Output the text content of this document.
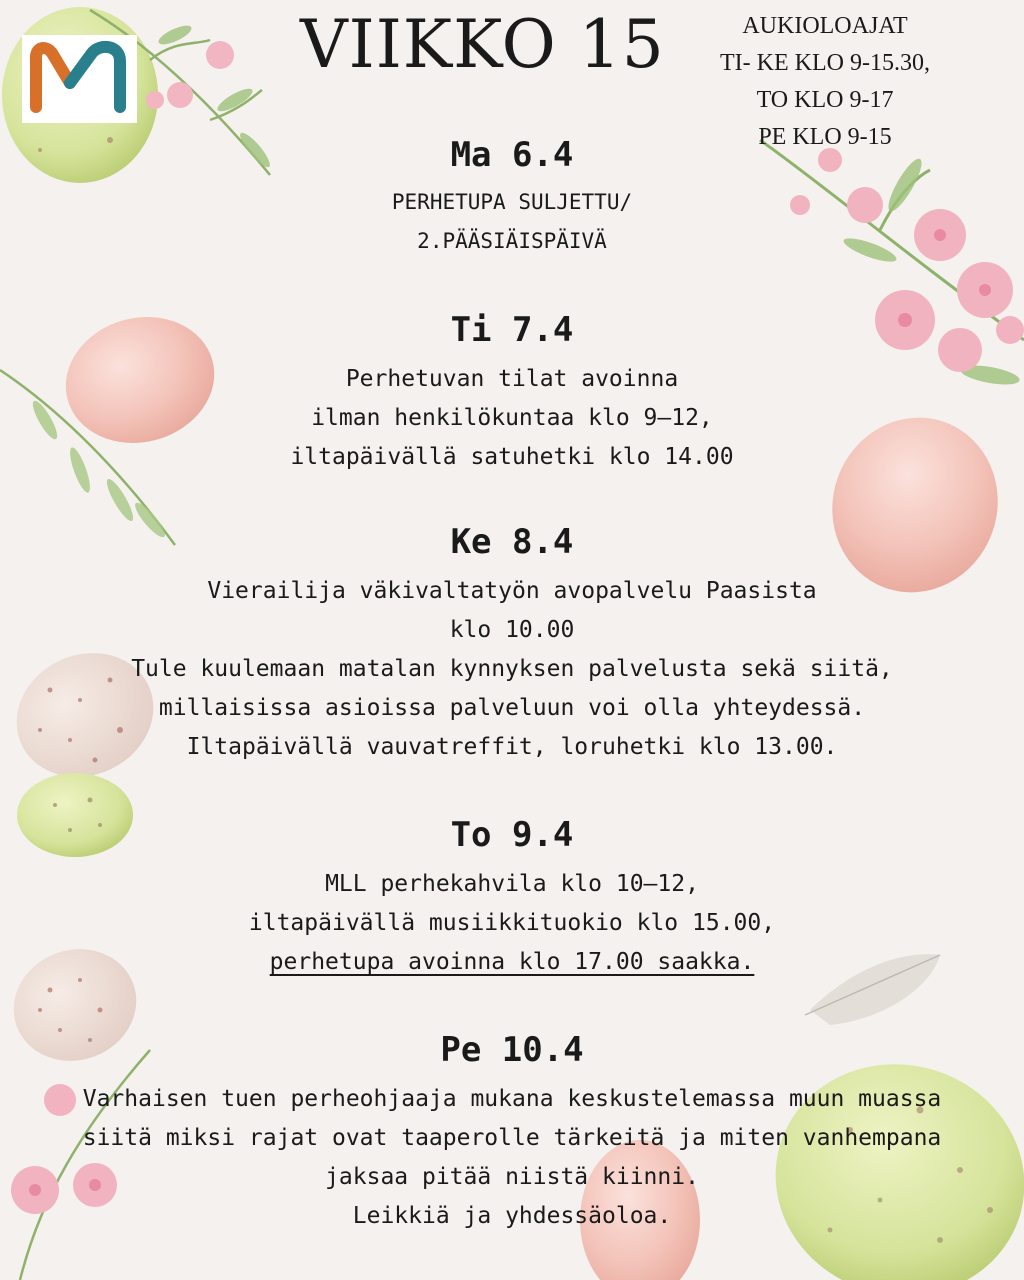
VIIKKO 15	AUKIOLOAJAT
TI- KE KLO 9-15.30,
TO KLO 9-17
PE KLO 9-15
Ma 6.4
PERHETUPA SULJETTU/
2.PÄÄSIÄISPÄIVÄ
Ti 7.4
Perhetuvan tilat avoinna
ilman henkilökuntaa klo 9–12,
iltapäivällä satuhetki klo 14.00
Ke 8.4
Vierailija väkivaltatyön avopalvelu Paasista
klo 10.00
Tule kuulemaan matalan kynnyksen palvelusta sekä siitä,
millaisissa asioissa palveluun voi olla yhteydessä.
Iltapäivällä vauvatreffit, loruhetki klo 13.00.
To 9.4
MLL perhekahvila klo 10–12,
iltapäivällä musiikkituokio klo 15.00,
perhetupa avoinna klo 17.00 saakka.
Pe 10.4
Varhaisen tuen perheohjaaja mukana keskustelemassa muun muassa
siitä miksi rajat ovat taaperolle tärkeitä ja miten vanhempana
jaksaa pitää niistä kiinni.
Leikkiä ja yhdessäoloa.
